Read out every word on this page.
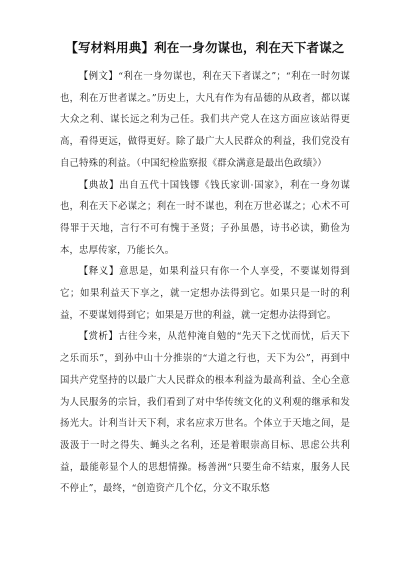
【写材料用典】利在一身勿谋也，利在天下者谋之

【例文】“利在一身勿谋也，利在天下者谋之”；“利在一时勿谋也，利在万世者谋之。”历史上，大凡有作为有品德的从政者，都以谋大众之利、谋长远之利为己任。我们共产党人在这方面应该站得更高，看得更远，做得更好。除了最广大人民群众的利益，我们党没有自己特殊的利益。（中国纪检监察报《群众满意是最出色政绩》）

【典故】出自五代十国钱镠《钱氏家训·国家》，利在一身勿谋也，利在天下必谋之；利在一时不谋也，利在万世必谋之；心术不可得罪于天地，言行不可有愧于圣贤；子孙虽愚，诗书必读，勤俭为本，忠厚传家，乃能长久。

【释义】意思是，如果利益只有你一个人享受，不要谋划得到它；如果利益天下享之，就一定想办法得到它。如果只是一时的利益，不要谋划得到它；如果是万世的利益，就一定想办法得到它。

【赏析】古往今来，从范仲淹自勉的“先天下之忧而忧，后天下之乐而乐”，到孙中山十分推崇的“大道之行也，天下为公”，再到中国共产党坚持的以最广大人民群众的根本利益为最高利益、全心全意为人民服务的宗旨，我们看到了对中华传统文化的义利观的继承和发扬光大。计利当计天下利，求名应求万世名。个体立于天地之间，是汲汲于一时之得失、蝇头之名利，还是着眼崇高目标、思虑公共利益，最能彰显个人的思想情操。杨善洲“只要生命不结束，服务人民不停止”，最终，“创造资产几个亿，分文不取乐悠
